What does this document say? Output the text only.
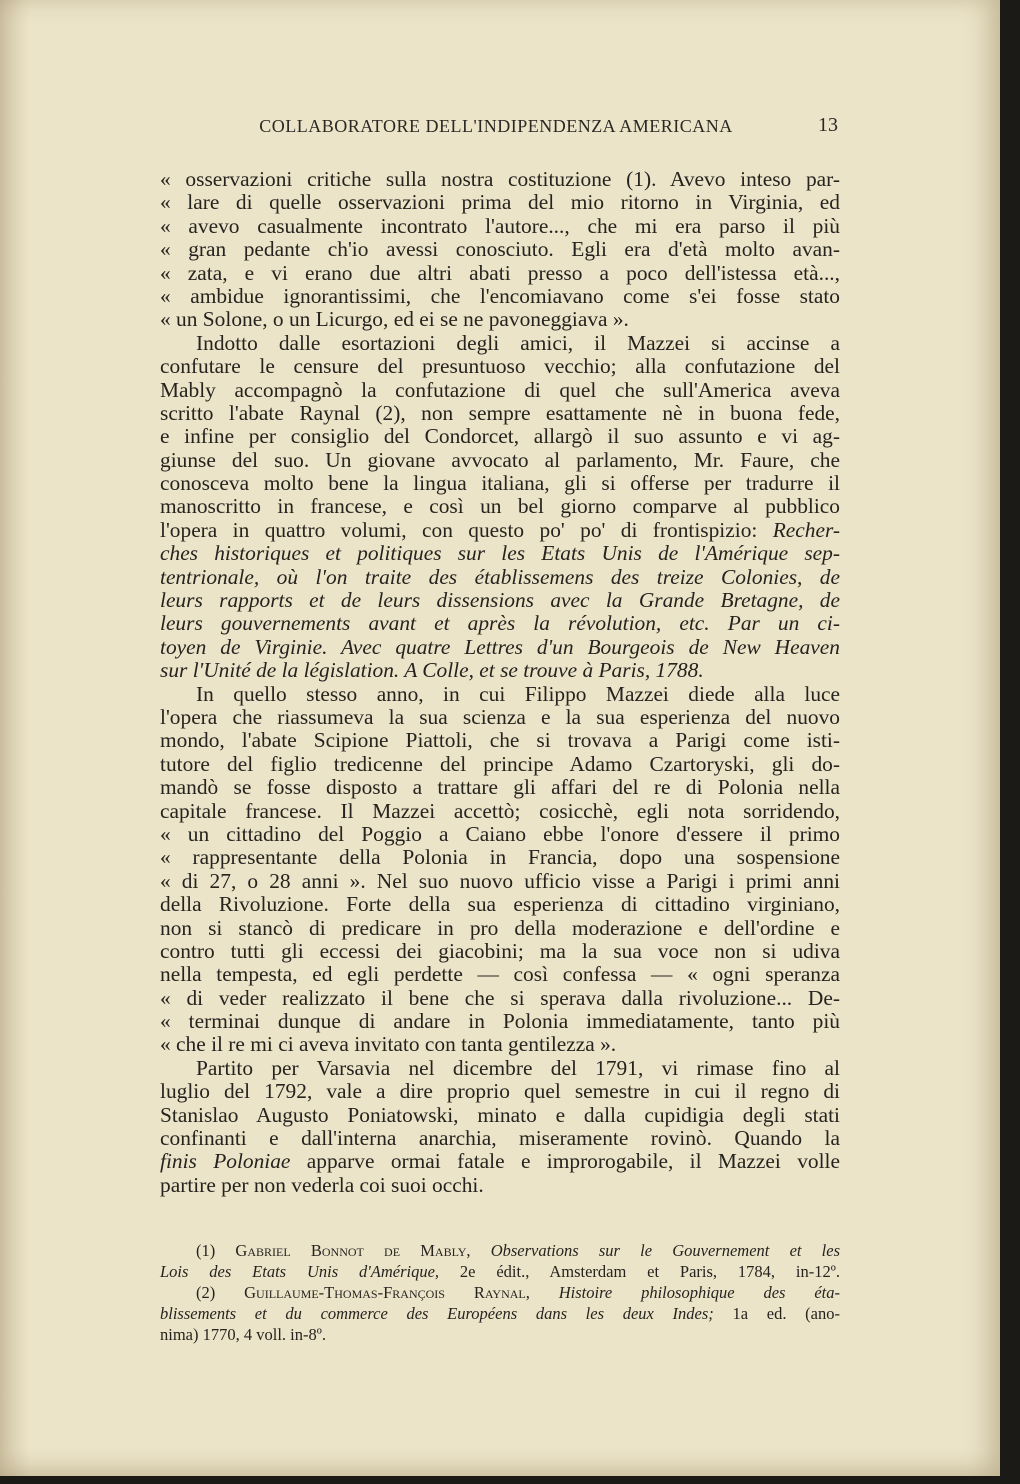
COLLABORATORE DELL'INDIPENDENZA AMERICANA	13
« osservazioni critiche sulla nostra costituzione (1). Avevo inteso par-
« lare di quelle osservazioni prima del mio ritorno in Virginia, ed
« avevo casualmente incontrato l'autore..., che mi era parso il più
« gran pedante ch'io avessi conosciuto. Egli era d'età molto avan-
« zata, e vi erano due altri abati presso a poco dell'istessa età...,
« ambidue ignorantissimi, che l'encomiavano come s'ei fosse stato
« un Solone, o un Licurgo, ed ei se ne pavoneggiava ».
Indotto dalle esortazioni degli amici, il Mazzei si accinse a
confutare le censure del presuntuoso vecchio; alla confutazione del
Mably accompagnò la confutazione di quel che sull'America aveva
scritto l'abate Raynal (2), non sempre esattamente nè in buona fede,
e infine per consiglio del Condorcet, allargò il suo assunto e vi ag-
giunse del suo. Un giovane avvocato al parlamento, Mr. Faure, che
conosceva molto bene la lingua italiana, gli si offerse per tradurre il
manoscritto in francese, e così un bel giorno comparve al pubblico
l'opera in quattro volumi, con questo po' po' di frontispizio: Recher-
ches historiques et politiques sur les Etats Unis de l'Amérique sep-
tentrionale, où l'on traite des établissemens des treize Colonies, de
leurs rapports et de leurs dissensions avec la Grande Bretagne, de
leurs gouvernements avant et après la révolution, etc. Par un ci-
toyen de Virginie. Avec quatre Lettres d'un Bourgeois de New Heaven
sur l'Unité de la législation. A Colle, et se trouve à Paris, 1788.
In quello stesso anno, in cui Filippo Mazzei diede alla luce
l'opera che riassumeva la sua scienza e la sua esperienza del nuovo
mondo, l'abate Scipione Piattoli, che si trovava a Parigi come isti-
tutore del figlio tredicenne del principe Adamo Czartoryski, gli do-
mandò se fosse disposto a trattare gli affari del re di Polonia nella
capitale francese. Il Mazzei accettò; cosicchè, egli nota sorridendo,
« un cittadino del Poggio a Caiano ebbe l'onore d'essere il primo
« rappresentante della Polonia in Francia, dopo una sospensione
« di 27, o 28 anni ». Nel suo nuovo ufficio visse a Parigi i primi anni
della Rivoluzione. Forte della sua esperienza di cittadino virginiano,
non si stancò di predicare in pro della moderazione e dell'ordine e
contro tutti gli eccessi dei giacobini; ma la sua voce non si udiva
nella tempesta, ed egli perdette — così confessa — « ogni speranza
« di veder realizzato il bene che si sperava dalla rivoluzione... De-
« terminai dunque di andare in Polonia immediatamente, tanto più
« che il re mi ci aveva invitato con tanta gentilezza ».
Partito per Varsavia nel dicembre del 1791, vi rimase fino al
luglio del 1792, vale a dire proprio quel semestre in cui il regno di
Stanislao Augusto Poniatowski, minato e dalla cupidigia degli stati
confinanti e dall'interna anarchia, miseramente rovinò. Quando la
finis Poloniae apparve ormai fatale e improrogabile, il Mazzei volle
partire per non vederla coi suoi occhi.
(1) Gabriel Bonnot de Mably, Observations sur le Gouvernement et les
Lois des Etats Unis d'Amérique, 2e édit., Amsterdam et Paris, 1784, in-12º.
(2) Guillaume-Thomas-François Raynal, Histoire philosophique des éta-
blissements et du commerce des Européens dans les deux Indes; 1a ed. (ano-
nima) 1770, 4 voll. in-8º.
